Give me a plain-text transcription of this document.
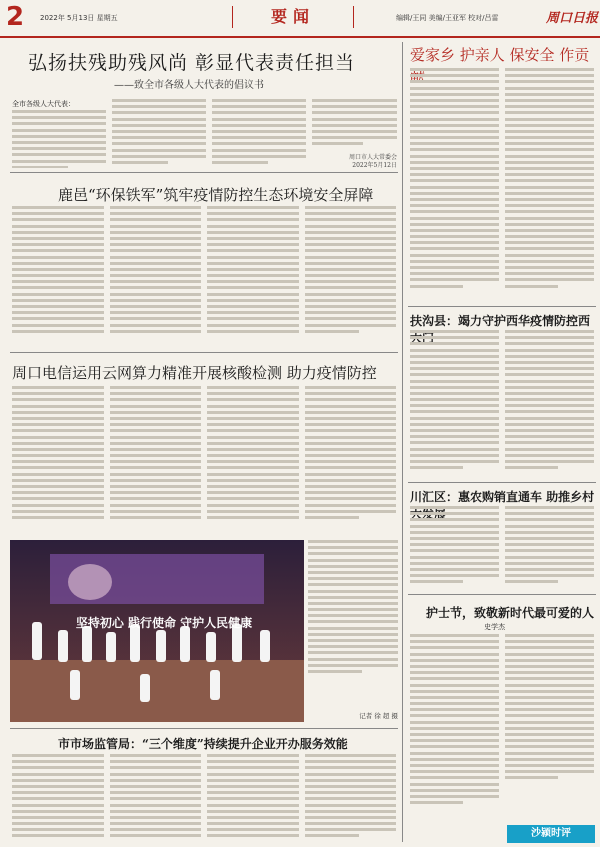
2 2022年 5月13日 星期五	要闻	编辑/王同 美编/王亚军 校对/吕雷	周口日报
弘扬扶残助残风尚 彰显代表责任担当
——致全市各级人大代表的倡议书
全市各级人大代表：
周口市人大常委会
2022年5月12日
鹿邑“环保铁军”筑牢疫情防控生态环境安全屏障
周口电信运用云网算力精准开展核酸检测 助力疫情防控
坚持初心 践行使命 守护人民健康
记者 徐 超 摄
市市场监管局：“三个维度”持续提升企业开办服务效能
爱家乡 护亲人 保安全 作贡
扶沟县：竭力守护西华疫情防控西
川汇区：惠农购销直通车 助推乡村
护士节，致敬新时代最可爱的人
史学杰
沙颍时评
